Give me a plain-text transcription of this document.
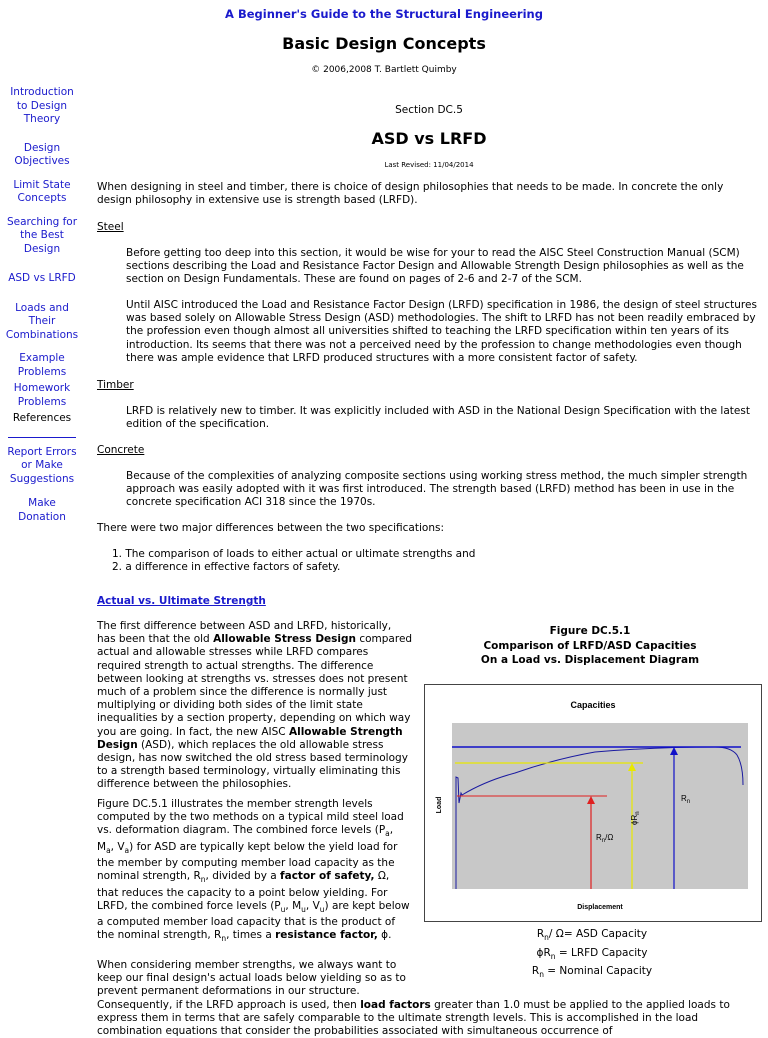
A Beginner's Guide to the Structural Engineering
Basic Design Concepts
© 2006,2008 T. Bartlett Quimby
Introduction
to Design
Theory
Design
Objectives
Limit State
Concepts
Searching for
the Best
Design
ASD vs LRFD
Loads and
Their
Combinations
Example
Problems
Homework
Problems
References
Report Errors
or Make
Suggestions
Make
Donation
Section DC.5
ASD vs LRFD
Last Revised: 11/04/2014
When designing in steel and timber, there is choice of design philosophies that needs to be made. In concrete the only design philosophy in extensive use is strength based (LRFD).
Steel
Before getting too deep into this section, it would be wise for your to read the AISC Steel Construction Manual (SCM) sections describing the Load and Resistance Factor Design and Allowable Strength Design philosophies as well as the section on Design Fundamentals. These are found on pages of 2-6 and 2-7 of the SCM.
Until AISC introduced the Load and Resistance Factor Design (LRFD) specification in 1986, the design of steel structures was based solely on Allowable Stress Design (ASD) methodologies. The shift to LRFD has not been readily embraced by the profession even though almost all universities shifted to teaching the LRFD specification within ten years of its introduction. Its seems that there was not a perceived need by the profession to change methodologies even though there was ample evidence that LRFD produced structures with a more consistent factor of safety.
Timber
LRFD is relatively new to timber. It was explicitly included with ASD in the National Design Specification with the latest edition of the specification.
Concrete
Because of the complexities of analyzing composite sections using working stress method, the much simpler strength approach was easily adopted with it was first introduced. The strength based (LRFD) method has been in use in the concrete specification ACI 318 since the 1970s.
There were two major differences between the two specifications:
1. The comparison of loads to either actual or ultimate strengths and
2. a difference in effective factors of safety.
Actual vs. Ultimate Strength
The first difference between ASD and LRFD, historically, has been that the old Allowable Stress Design compared actual and allowable stresses while LRFD compares required strength to actual strengths. The difference between looking at strengths vs. stresses does not present much of a problem since the difference is normally just multiplying or dividing both sides of the limit state inequalities by a section property, depending on which way you are going. In fact, the new AISC Allowable Strength Design (ASD), which replaces the old allowable stress design, has now switched the old stress based terminology to a strength based terminology, virtually eliminating this difference between the philosophies.
Figure DC.5.1 illustrates the member strength levels computed by the two methods on a typical mild steel load vs. deformation diagram. The combined force levels ($P_a$, $M_a$, $V_a$) for ASD are typically kept below the yield load for the member by computing member load capacity as the nominal strength, $R_n$, divided by a factor of safety, Ω, that reduces the capacity to a point below yielding. For LRFD, the combined force levels ($P_u$, $M_u$, $V_u$) are kept below a computed member load capacity that is the product of the nominal strength, $R_n$, times a resistance factor, ϕ.
When considering member strengths, we always want to keep our final design's actual loads below yielding so as to prevent permanent deformations in our structure. Consequently, if the LRFD approach is used, then load factors greater than 1.0 must be applied to the applied loads to express them in terms that are safely comparable to the ultimate strength levels. This is accomplished in the load combination equations that consider the probabilities associated with simultaneous occurrence of
Figure DC.5.1
Comparison of LRFD/ASD Capacities
On a Load vs. Displacement Diagram
Capacities
$R_n$
$\phi R_n$
$R_n/\Omega$
Displacement
Load
$R_n/$ Ω= ASD Capacity
$\phi R_n$ = LRFD Capacity
$R_n$ = Nominal Capacity
